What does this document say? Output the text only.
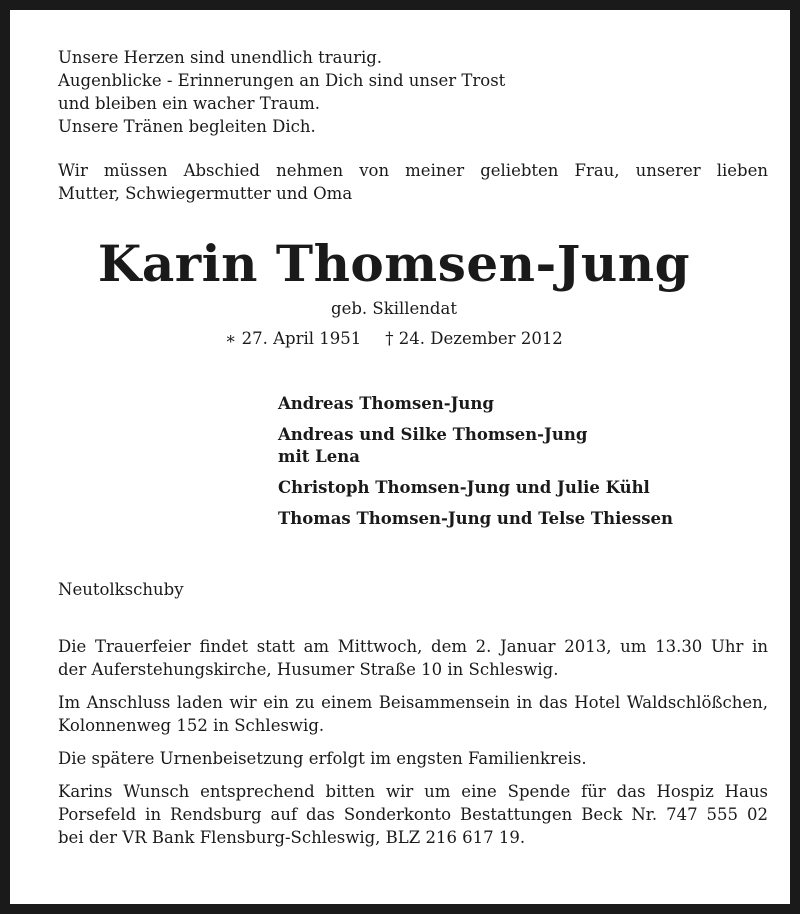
Unsere Herzen sind unendlich traurig.
Augenblicke - Erinnerungen an Dich sind unser Trost
und bleiben ein wacher Traum.
Unsere Tränen begleiten Dich.
Wir müssen Abschied nehmen von meiner geliebten Frau, unserer lieben
Mutter, Schwiegermutter und Oma
Karin Thomsen-Jung
geb. Skillendat
∗ 27. April 1951 † 24. Dezember 2012
Andreas Thomsen-Jung
Andreas und Silke Thomsen-Jung
mit Lena
Christoph Thomsen-Jung und Julie Kühl
Thomas Thomsen-Jung und Telse Thiessen
Neutolkschuby

Die Trauerfeier findet statt am Mittwoch, dem 2. Januar 2013, um 13.30 Uhr in
der Auferstehungskirche, Husumer Straße 10 in Schleswig.

Im Anschluss laden wir ein zu einem Beisammensein in das Hotel Waldschlößchen,
Kolonnenweg 152 in Schleswig.

Die spätere Urnenbeisetzung erfolgt im engsten Familienkreis.

Karins Wunsch entsprechend bitten wir um eine Spende für das Hospiz Haus
Porsefeld in Rendsburg auf das Sonderkonto Bestattungen Beck Nr. 747 555 02
bei der VR Bank Flensburg-Schleswig, BLZ 216 617 19.
